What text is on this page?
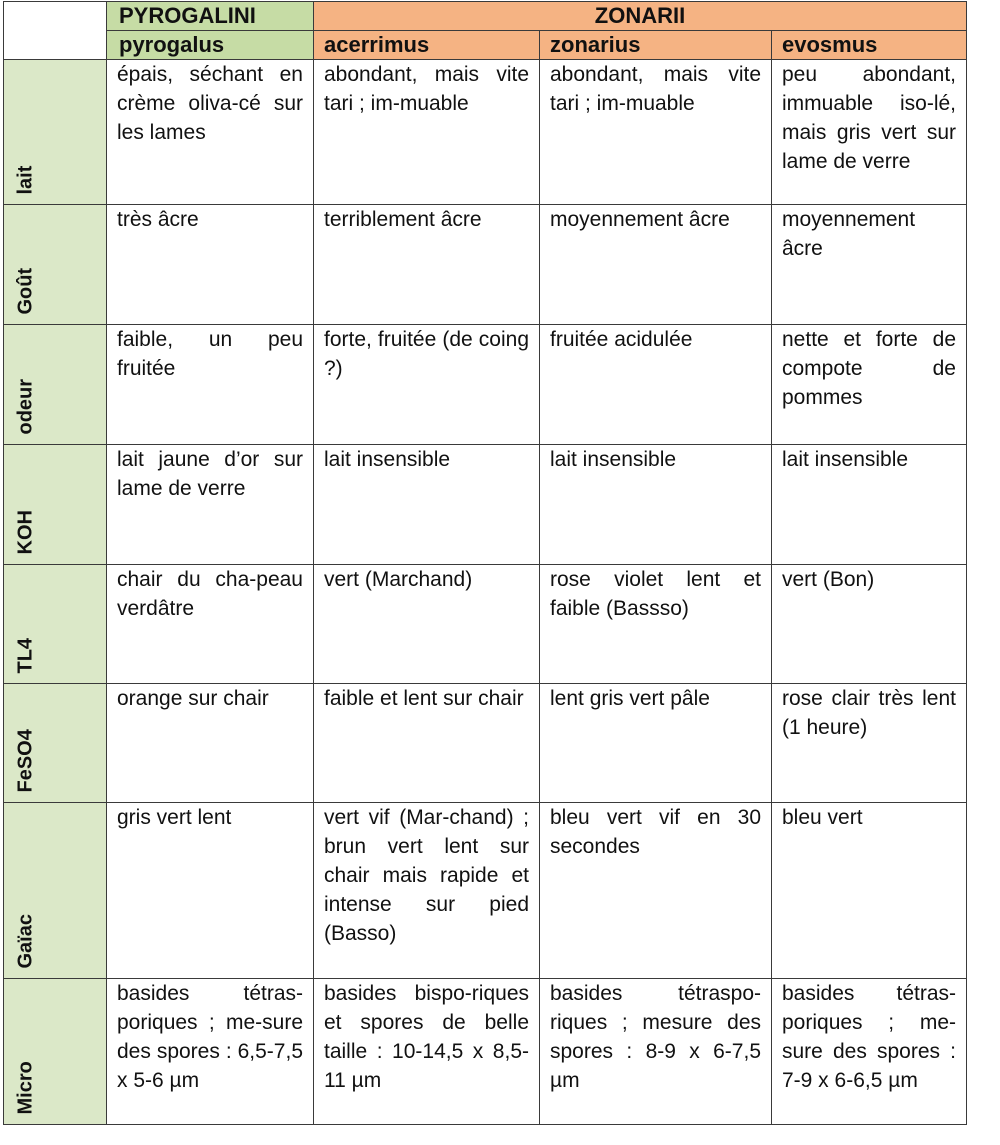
	PYROGALINI	ZONARII		
	pyrogalus	acerrimus	zonarius	evosmus

lait	épais, séchant en crème oliva-cé sur les lames	abondant, mais vite tari ; im-muable	abondant, mais vite tari ; im-muable	peu abondant, immuable iso-lé, mais gris vert sur lame de verre

Goût	très âcre	terriblement âcre	moyennement âcre	moyennement âcre

odeur	faible, un peu fruitée	forte, fruitée (de coing ?)	fruitée acidulée	nette et forte de compote de pommes

KOH	lait jaune d’or sur lame de verre	lait insensible	lait insensible	lait insensible

TL4	chair du cha-peau verdâtre	vert (Marchand)	rose violet lent et faible (Bassso)	vert (Bon)

FeSO4	orange sur chair	faible et lent sur chair	lent gris vert pâle	rose clair très lent (1 heure)

Gaïac	gris vert lent	vert vif (Mar-chand) ; brun vert lent sur chair mais rapide et intense sur pied (Basso)	bleu vert vif en 30 secondes	bleu vert

Micro	basides tétras-poriques ; me-sure des spores : 6,5-7,5 x 5-6 µm	basides bispo-riques et spores de belle taille : 10-14,5 x 8,5-11 µm	basides tétraspo-riques ; mesure des spores : 8-9 x 6-7,5 µm	basides tétras-poriques ; me-sure des spores : 7-9 x 6-6,5 µm
